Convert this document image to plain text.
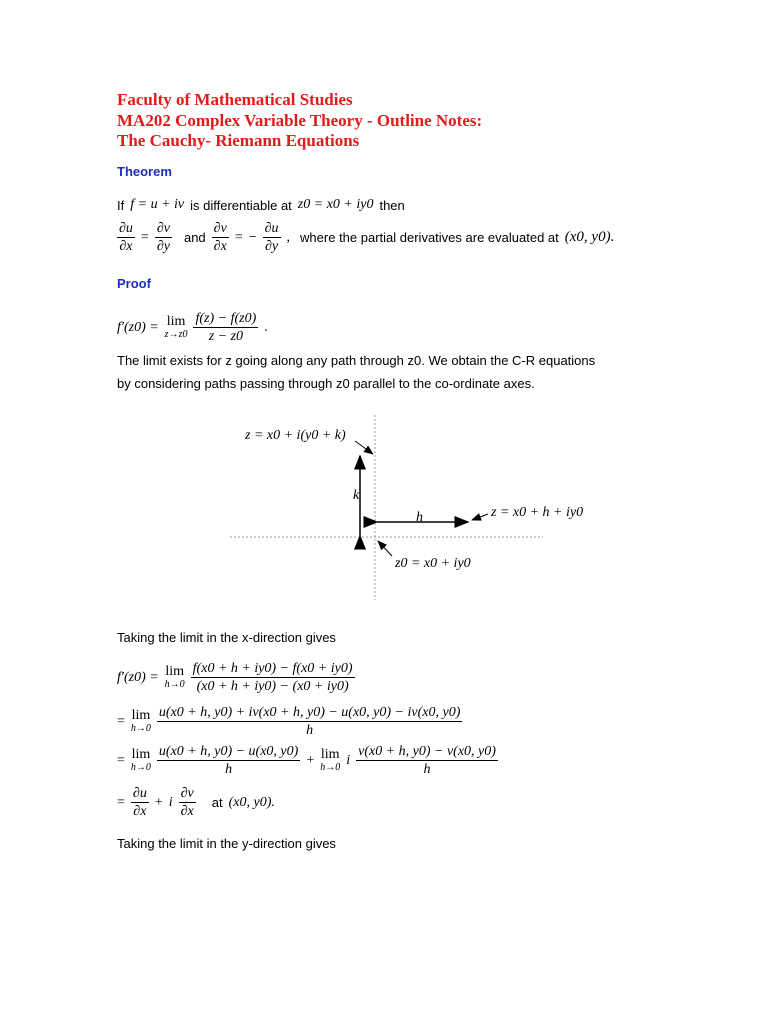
Faculty of Mathematical Studies
MA202 Complex Variable Theory - Outline Notes:
The Cauchy- Riemann Equations
Theorem
If f = u + iv is differentiable at z0 = x0 + iy0 then
$\frac{\partial u}{\partial x} = \frac{\partial v}{\partial y}$ and $\frac{\partial v}{\partial x}$ = − $\frac{\partial u}{\partial y}$ , where the partial derivatives are evaluated at (x0, y0).
Proof
f′(z0) = lim
$z\to z0 \frac{f(z) - f(z0)}{z - z0}$ .
The limit exists for z going along any path through z0. We obtain the C-R equations
by considering paths passing through z0 parallel to the co-ordinate axes.
z = x0 + i(y0 + k)
k
h	z = x0 + h + iy0
z0 = x0 + iy0
Taking the limit in the x-direction gives
f′(z0) = lim
$h\to 0 \frac{f(x0 + h + iy0) - f(x0 + iy0)}{(x0 + h + iy0) - (x0 + iy0)}$
= lim
$h\to 0 \frac{u(x0 + h, y0) + iv(x0 + h, y0) - u(x0, y0) - iv(x0, y0)}{h}$
= lim
$h\to 0 \frac{u(x0 + h, y0) - u(x0, y0)}{h} + \lim$
h→0 i $\frac{v(x0 + h, y0) - v(x0, y0)}{h}$
= $\frac{\partial u}{\partial x} + i \frac{\partial v}{\partial x}$ at (x0, y0).
Taking the limit in the y-direction gives
